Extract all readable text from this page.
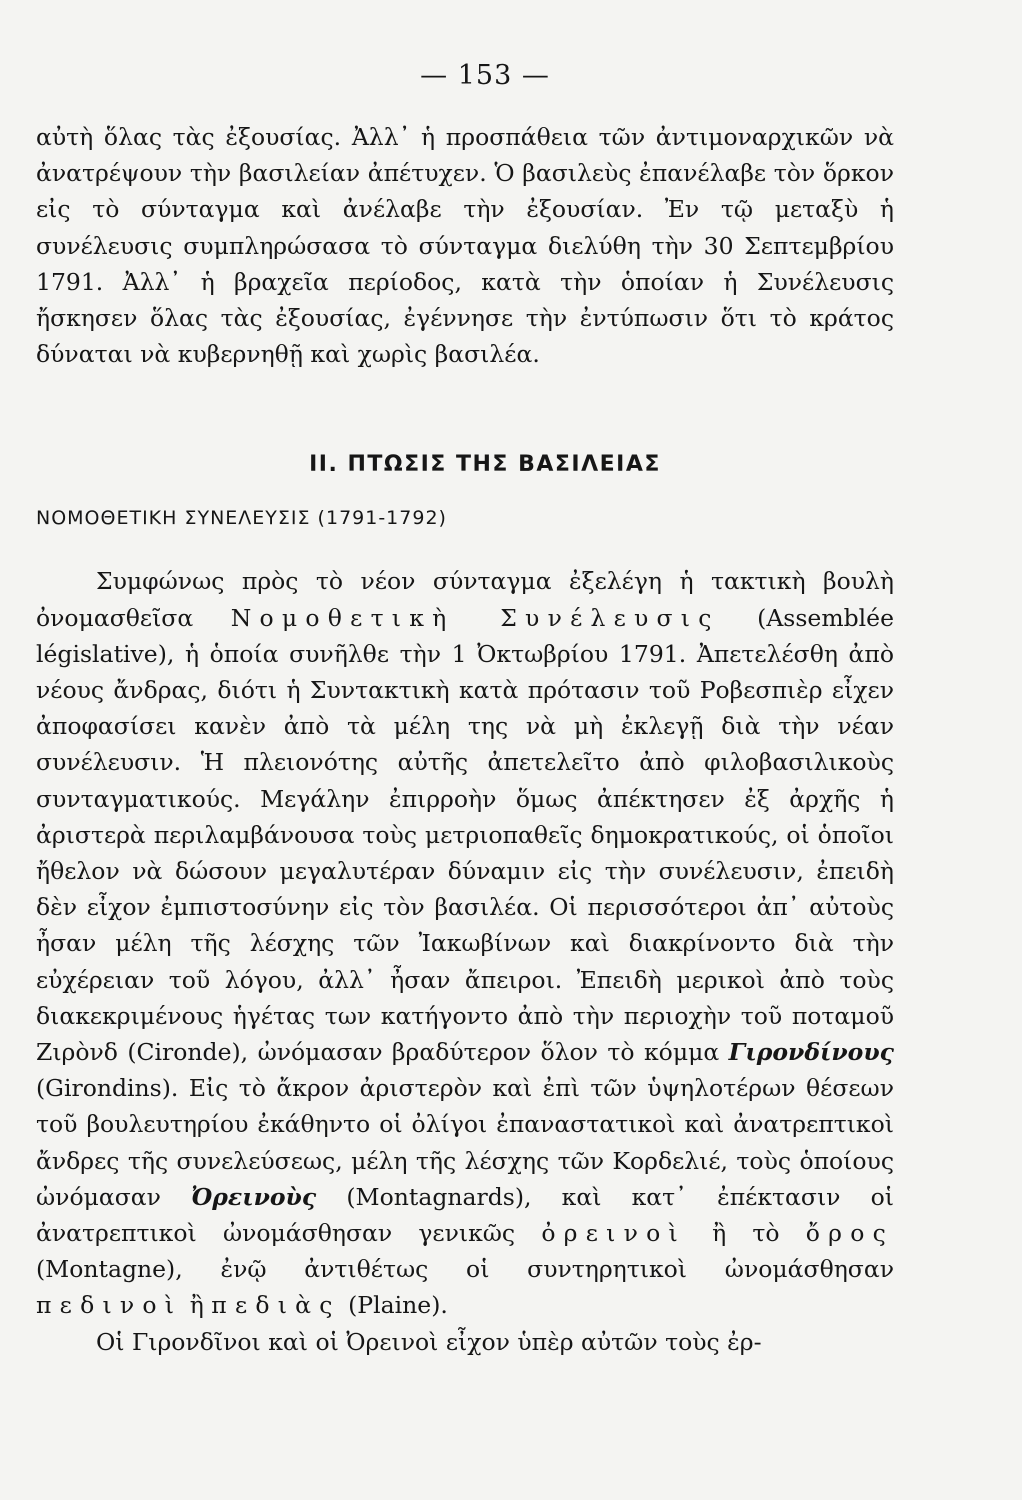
— 153 —

αὐτὴ ὅλας τὰς ἐξουσίας. Ἀλλ᾽ ἡ προσπάθεια τῶν ἀντιμοναρχικῶν νὰ ἀνατρέψουν τὴν βασιλείαν ἀπέτυχεν. Ὁ βασιλεὺς ἐπανέλαβε τὸν ὅρκον εἰς τὸ σύνταγμα καὶ ἀνέλαβε τὴν ἐξουσίαν. Ἐν τῷ μεταξὺ ἡ συνέλευσις συμπληρώσασα τὸ σύνταγμα διελύθη τὴν 30 Σεπτεμβρίου 1791. Ἀλλ᾽ ἡ βραχεῖα περίοδος, κατὰ τὴν ὁποίαν ἡ Συνέλευσις ἤσκησεν ὅλας τὰς ἐξουσίας, ἐγέννησε τὴν ἐντύπωσιν ὅτι τὸ κράτος δύναται νὰ κυβερνηθῇ καὶ χωρὶς βασιλέα.

ΙΙ. ΠΤΩΣΙΣ ΤΗΣ ΒΑΣΙΛΕΙΑΣ
ΝΟΜΟΘΕΤΙΚΗ ΣΥΝΕΛΕΥΣΙΣ (1791-1792)

Συμφώνως πρὸς τὸ νέον σύνταγμα ἐξελέγη ἡ τακτικὴ βουλὴ ὀνομασθεῖσα Νομοθετικὴ Συνέλευσις (Assemblée législative), ἡ ὁποία συνῆλθε τὴν 1 Ὀκτωβρίου 1791. Ἀπετελέσθη ἀπὸ νέους ἄνδρας, διότι ἡ Συντακτικὴ κατὰ πρότασιν τοῦ Ροβεσπιὲρ εἶχεν ἀποφασίσει κανὲν ἀπὸ τὰ μέλη της νὰ μὴ ἐκλεγῇ διὰ τὴν νέαν συνέλευσιν. Ἡ πλειονότης αὐτῆς ἀπετελεῖτο ἀπὸ φιλοβασιλικοὺς συνταγματικούς. Μεγάλην ἐπιρροὴν ὅμως ἀπέκτησεν ἐξ ἀρχῆς ἡ ἀριστερὰ περιλαμβάνουσα τοὺς μετριοπαθεῖς δημοκρατικούς, οἱ ὁποῖοι ἤθελον νὰ δώσουν μεγαλυτέραν δύναμιν εἰς τὴν συνέλευσιν, ἐπειδὴ δὲν εἶχον ἐμπιστοσύνην εἰς τὸν βασιλέα. Οἱ περισσότεροι ἀπ᾽ αὐτοὺς ἦσαν μέλη τῆς λέσχης τῶν Ἰακωβίνων καὶ διακρίνοντο διὰ τὴν εὐχέρειαν τοῦ λόγου, ἀλλ᾽ ἦσαν ἄπειροι. Ἐπειδὴ μερικοὶ ἀπὸ τοὺς διακεκριμένους ἡγέτας των κατήγοντο ἀπὸ τὴν περιοχὴν τοῦ ποταμοῦ Ζιρὸνδ (Cironde), ὠνόμασαν βραδύτερον ὅλον τὸ κόμμα Γιρονδίνους (Girondins). Εἰς τὸ ἄκρον ἀριστερὸν καὶ ἐπὶ τῶν ὑψηλοτέρων θέσεων τοῦ βουλευτηρίου ἐκάθηντο οἱ ὀλίγοι ἐπαναστατικοὶ καὶ ἀνατρεπτικοὶ ἄνδρες τῆς συνελεύσεως, μέλη τῆς λέσχης τῶν Κορδελιέ, τοὺς ὁποίους ὠνόμασαν Ὀρεινοὺς (Montagnards), καὶ κατ᾽ ἐπέκτασιν οἱ ἀνατρεπτικοὶ ὠνομάσθησαν γενικῶς ὀρεινοὶ ἢ τὸ ὄρος (Montagne), ἐνῷ ἀντιθέτως οἱ συντηρητικοὶ ὠνομάσθησαν πεδινοὶ ἢ πεδιὰς (Plaine).

Οἱ Γιρονδῖνοι καὶ οἱ Ὀρεινοὶ εἶχον ὑπὲρ αὐτῶν τοὺς ἐρ-
